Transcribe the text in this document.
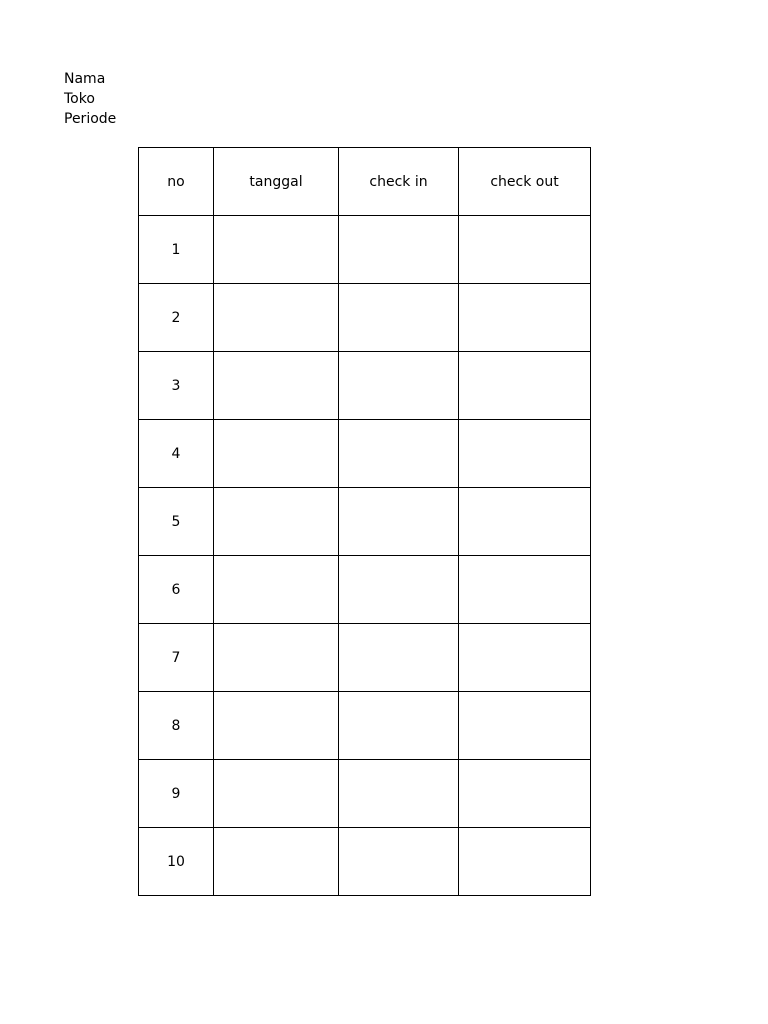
Nama
Toko
Periode
no	tanggal	check in	check out
1			
2			
3			
4			
5			
6			
7			
8			
9			
10			
